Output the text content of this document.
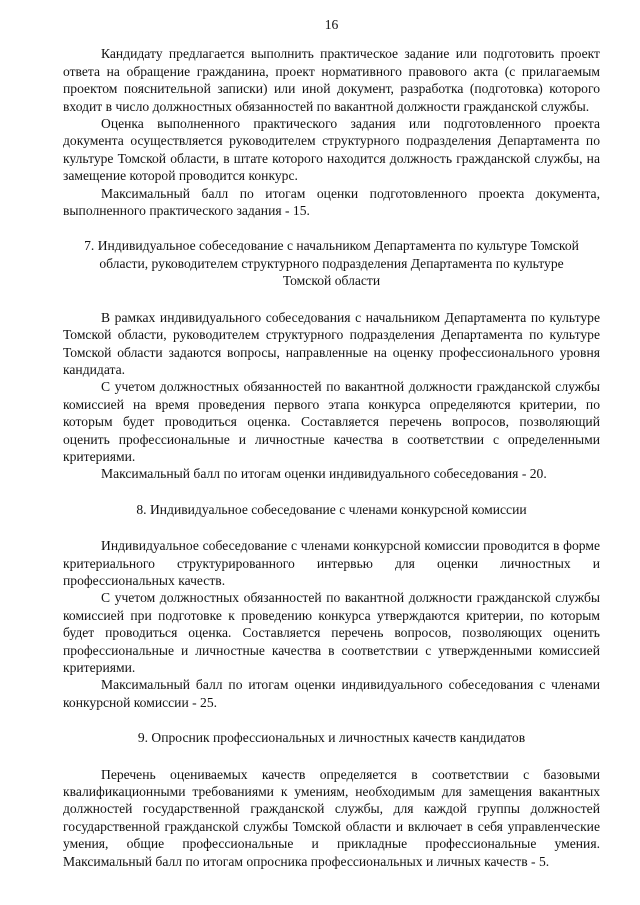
16

Кандидату предлагается выполнить практическое задание или подготовить проект ответа на обращение гражданина, проект нормативного правового акта (с прилагаемым проектом пояснительной записки) или иной документ, разработка (подготовка) которого входит в число должностных обязанностей по вакантной должности гражданской службы.

Оценка выполненного практического задания или подготовленного проекта документа осуществляется руководителем структурного подразделения Департамента по культуре Томской области, в штате которого находится должность гражданской службы, на замещение которой проводится конкурс.

Максимальный балл по итогам оценки подготовленного проекта документа, выполненного практического задания - 15.

7. Индивидуальное собеседование с начальником Департамента по культуре Томской области, руководителем структурного подразделения Департамента по культуре Томской области

В рамках индивидуального собеседования с начальником Департамента по культуре Томской области, руководителем структурного подразделения Департамента по культуре Томской области задаются вопросы, направленные на оценку профессионального уровня кандидата.

С учетом должностных обязанностей по вакантной должности гражданской службы комиссией на время проведения первого этапа конкурса определяются критерии, по которым будет проводиться оценка. Составляется перечень вопросов, позволяющий оценить профессиональные и личностные качества в соответствии с определенными критериями.

Максимальный балл по итогам оценки индивидуального собеседования - 20.

8. Индивидуальное собеседование с членами конкурсной комиссии

Индивидуальное собеседование с членами конкурсной комиссии проводится в форме критериального структурированного интервью для оценки личностных и профессиональных качеств.

С учетом должностных обязанностей по вакантной должности гражданской службы комиссией при подготовке к проведению конкурса утверждаются критерии, по которым будет проводиться оценка. Составляется перечень вопросов, позволяющих оценить профессиональные и личностные качества в соответствии с утвержденными комиссией критериями.

Максимальный балл по итогам оценки индивидуального собеседования с членами конкурсной комиссии - 25.

9. Опросник профессиональных и личностных качеств кандидатов

Перечень оцениваемых качеств определяется в соответствии с базовыми квалификационными требованиями к умениям, необходимым для замещения вакантных должностей государственной гражданской службы, для каждой группы должностей государственной гражданской службы Томской области и включает в себя управленческие умения, общие профессиональные и прикладные профессиональные умения. Максимальный балл по итогам опросника профессиональных и личных качеств - 5.
